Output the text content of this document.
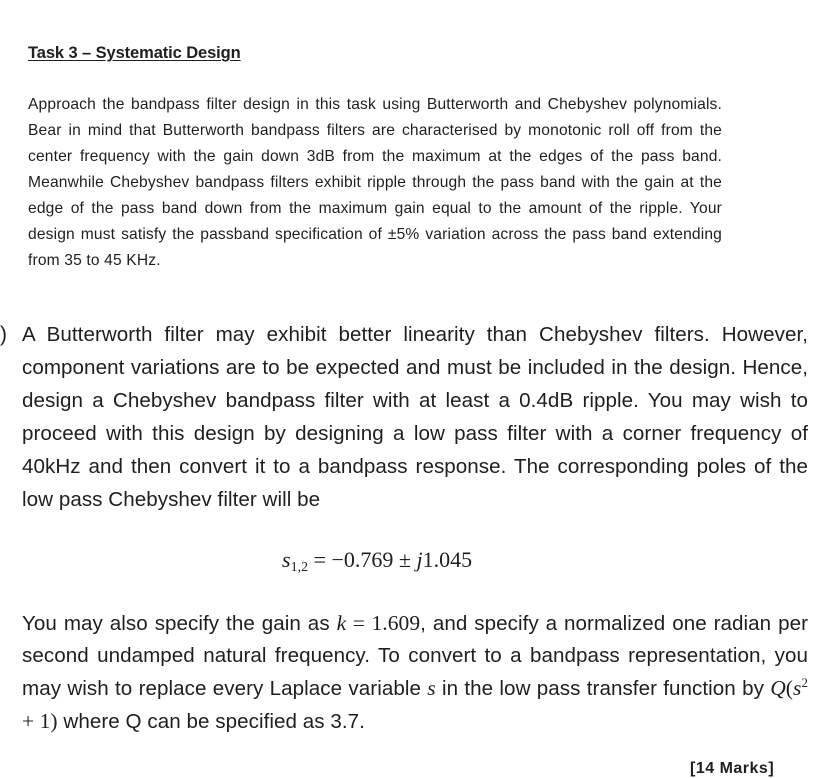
Task 3 – Systematic Design
Approach the bandpass filter design in this task using Butterworth and Chebyshev polynomials. Bear in mind that Butterworth bandpass filters are characterised by monotonic roll off from the center frequency with the gain down 3dB from the maximum at the edges of the pass band. Meanwhile Chebyshev bandpass filters exhibit ripple through the pass band with the gain at the edge of the pass band down from the maximum gain equal to the amount of the ripple. Your design must satisfy the passband specification of ±5% variation across the pass band extending from 35 to 45 KHz.
) A Butterworth filter may exhibit better linearity than Chebyshev filters. However, component variations are to be expected and must be included in the design. Hence, design a Chebyshev bandpass filter with at least a 0.4dB ripple. You may wish to proceed with this design by designing a low pass filter with a corner frequency of 40kHz and then convert it to a bandpass response. The corresponding poles of the low pass Chebyshev filter will be
$s_{1,2} = -0.769 \pm j1.045$
You may also specify the gain as k = 1.609, and specify a normalized one radian per second undamped natural frequency. To convert to a bandpass representation, you may wish to replace every Laplace variable s in the low pass transfer function by $Q(s^2 + 1)$ where Q can be specified as 3.7.
[14 Marks]
